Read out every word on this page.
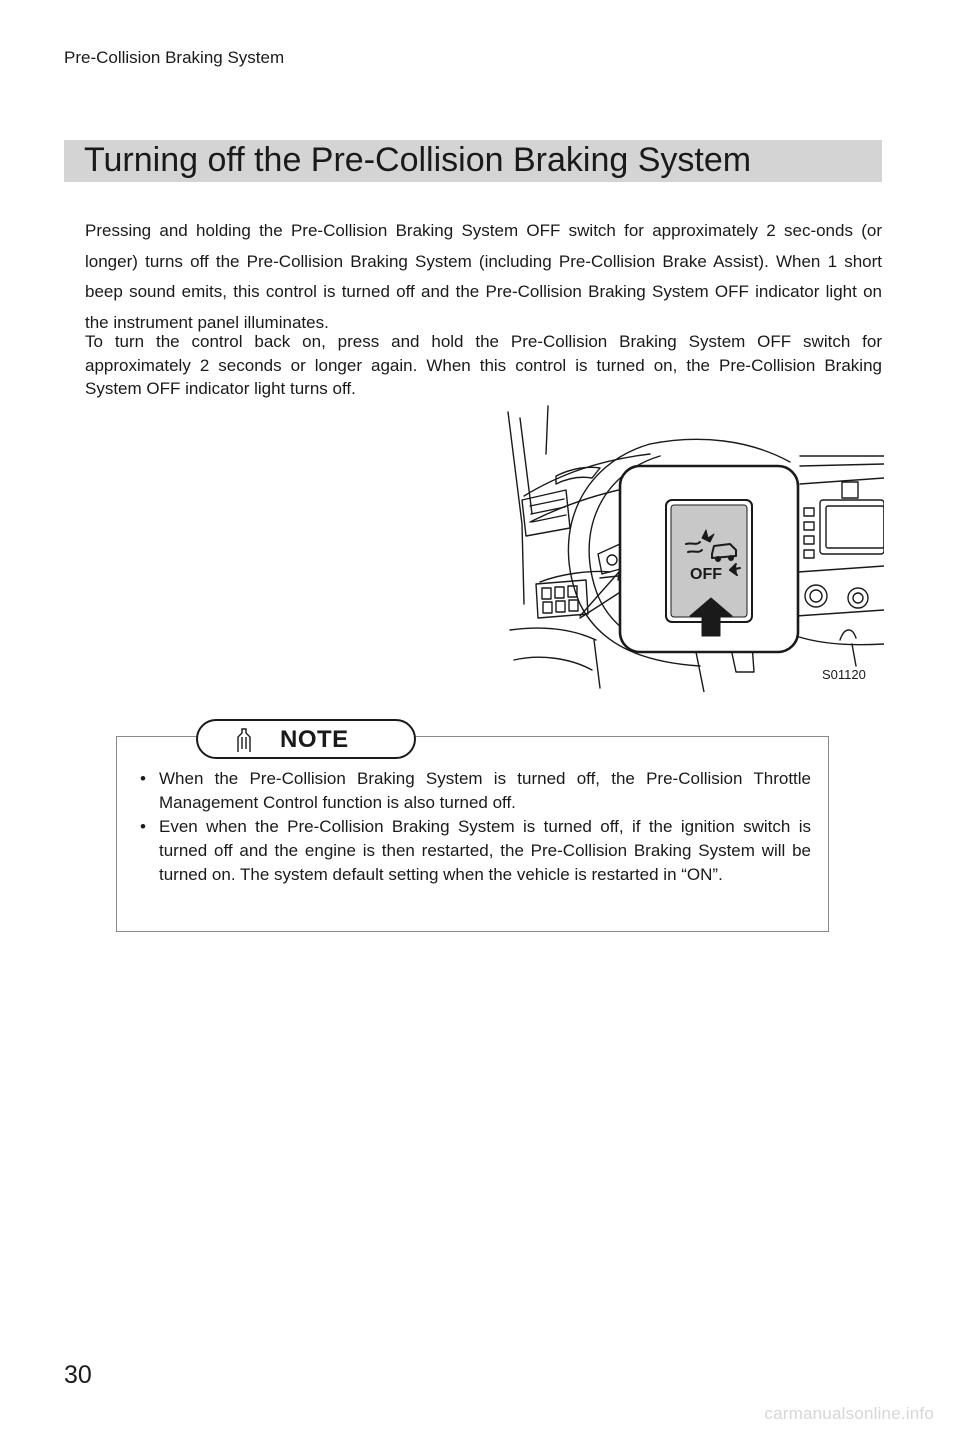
Pre-Collision Braking System
Turning off the Pre-Collision Braking System

Pressing and holding the Pre-Collision Braking System OFF switch for approximately 2 sec-onds (or longer) turns off the Pre-Collision Braking System (including Pre-Collision Brake Assist). When 1 short beep sound emits, this control is turned off and the Pre-Collision Braking System OFF indicator light on the instrument panel illuminates.

To turn the control back on, press and hold the Pre-Collision Braking System OFF switch for approximately 2 seconds or longer again. When this control is turned on, the Pre-Collision Braking System OFF indicator light turns off.

OFF
S01120
NOTE
• When the Pre-Collision Braking System is turned off, the Pre-Collision Throttle Management Control function is also turned off.
• Even when the Pre-Collision Braking System is turned off, if the ignition switch is turned off and the engine is then restarted, the Pre-Collision Braking System will be turned on. The system default setting when the vehicle is restarted in “ON”.
30
carmanualsonline.info
